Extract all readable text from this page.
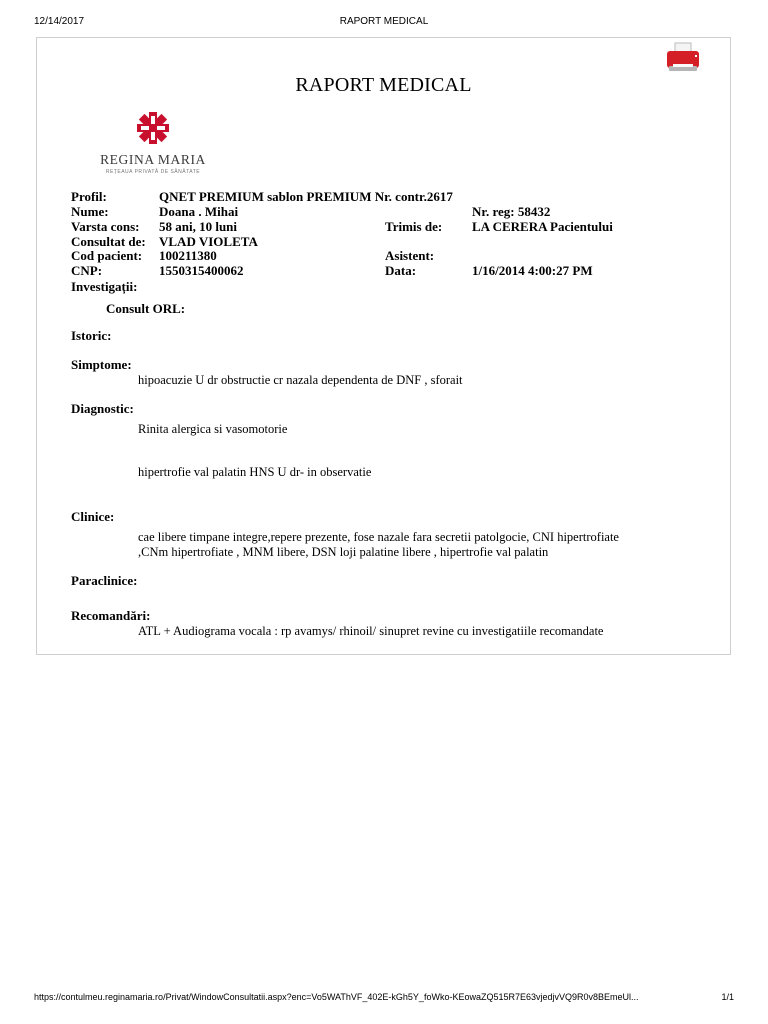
12/14/2017	RAPORT MEDICAL
RAPORT MEDICAL
REGINA MARIA
REȚEAUA PRIVATĂ DE SĂNĂTATE
Profil:	QNET PREMIUM sablon PREMIUM Nr. contr.2617
Nume:	Doana . Mihai	Nr. reg: 58432
Varsta cons: 58 ani, 10 luni	Trimis de: LA CERERA Pacientului
Consultat de: VLAD VIOLETA
Cod pacient: 100211380	Asistent:
CNP:	1550315400062	Data:	1/16/2014 4:00:27 PM
Investigații:
Consult ORL:
Istoric:
Simptome:
hipoacuzie U dr obstructie cr nazala dependenta de DNF , sforait
Diagnostic:
Rinita alergica si vasomotorie
hipertrofie val palatin HNS U dr- in observatie
Clinice:
cae libere timpane integre,repere prezente, fose nazale fara secretii patolgocie, CNI hipertrofiate
,CNm hipertrofiate , MNM libere, DSN loji palatine libere , hipertrofie val palatin
Paraclinice:
Recomandări:
ATL + Audiograma vocala : rp avamys/ rhinoil/ sinupret revine cu investigatiile recomandate
https://contulmeu.reginamaria.ro/Privat/WindowConsultatii.aspx?enc=Vo5WAThVF_402E-kGh5Y_foWko-KEowaZQ515R7E63vjedjvVQ9R0v8BEmeUl...	1/1
